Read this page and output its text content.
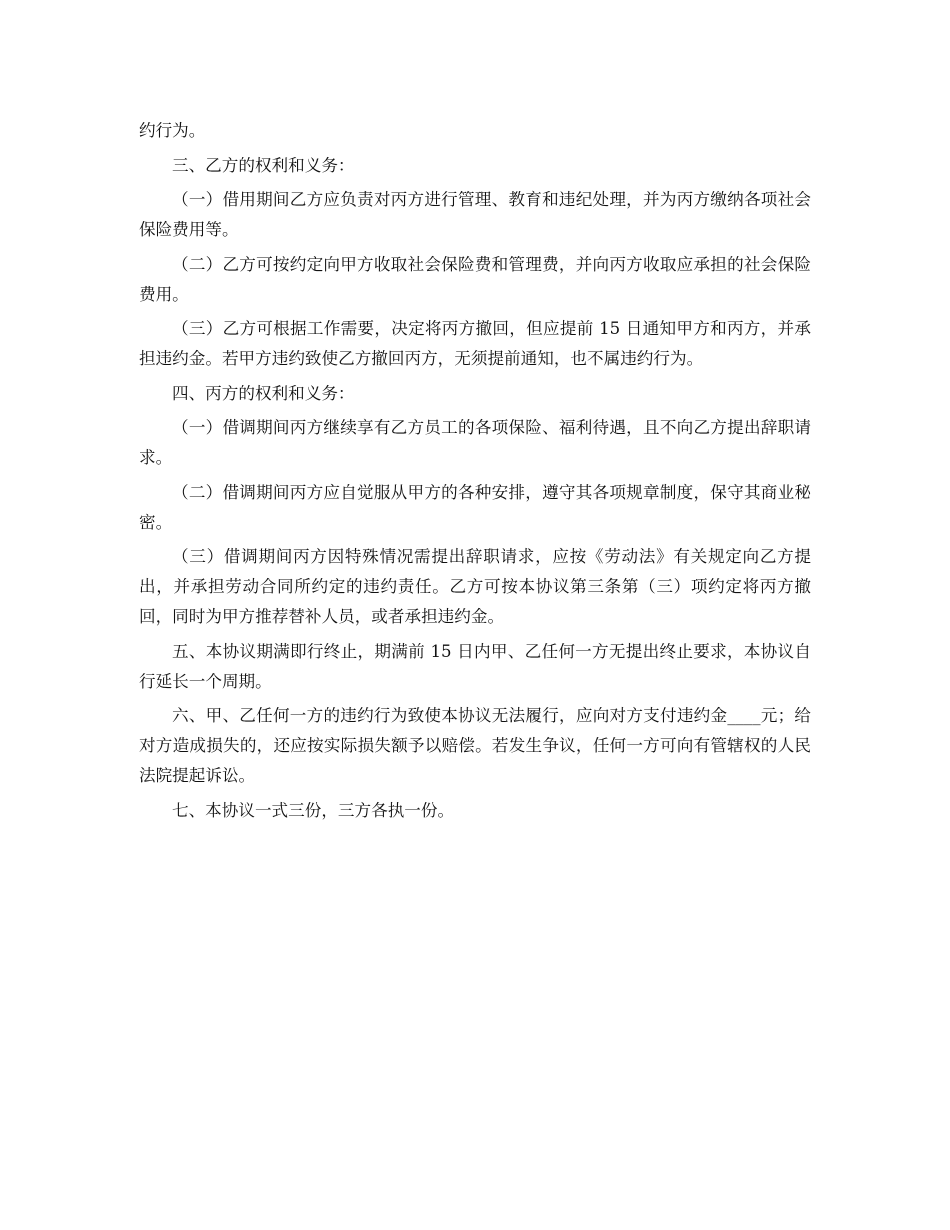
约行为。

三、乙方的权利和义务：

（一）借用期间乙方应负责对丙方进行管理、教育和违纪处理，并为丙方缴纳各项社会保险费用等。

（二）乙方可按约定向甲方收取社会保险费和管理费，并向丙方收取应承担的社会保险费用。

（三）乙方可根据工作需要，决定将丙方撤回，但应提前 15 日通知甲方和丙方，并承担违约金。若甲方违约致使乙方撤回丙方，无须提前通知，也不属违约行为。

四、丙方的权利和义务：

（一）借调期间丙方继续享有乙方员工的各项保险、福利待遇，且不向乙方提出辞职请求。

（二）借调期间丙方应自觉服从甲方的各种安排，遵守其各项规章制度，保守其商业秘密。

（三）借调期间丙方因特殊情况需提出辞职请求，应按《劳动法》有关规定向乙方提出，并承担劳动合同所约定的违约责任。乙方可按本协议第三条第（三）项约定将丙方撤回，同时为甲方推荐替补人员，或者承担违约金。

五、本协议期满即行终止，期满前 15 日内甲、乙任何一方无提出终止要求，本协议自行延长一个周期。

六、甲、乙任何一方的违约行为致使本协议无法履行，应向对方支付违约金____元；给对方造成损失的，还应按实际损失额予以赔偿。若发生争议，任何一方可向有管辖权的人民法院提起诉讼。

七、本协议一式三份，三方各执一份。
